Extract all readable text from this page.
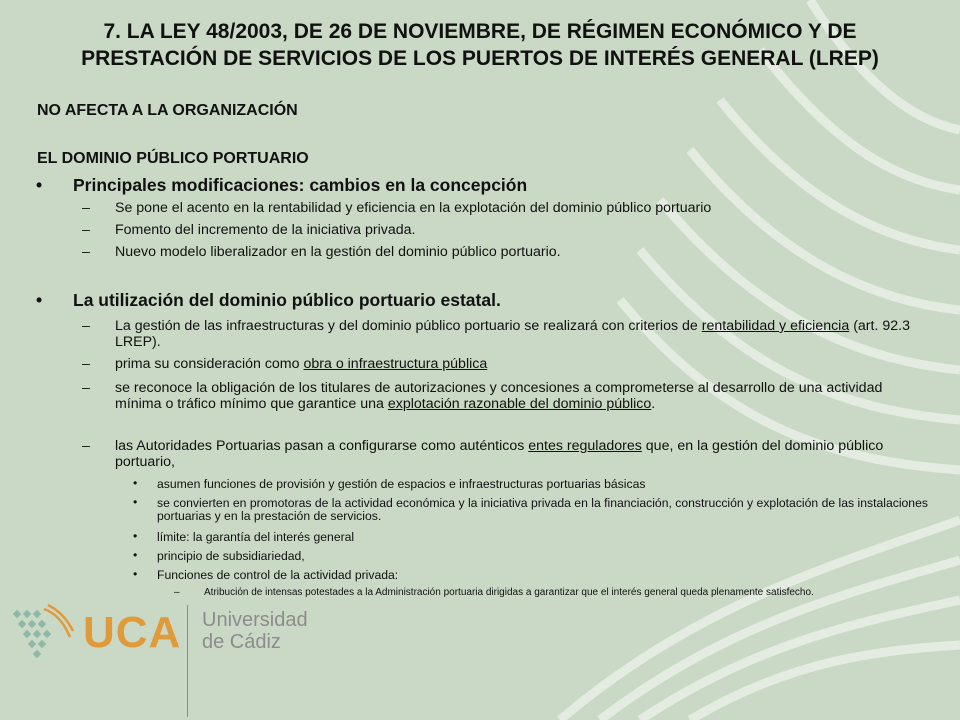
7. LA LEY 48/2003, DE 26 DE NOVIEMBRE, DE RÉGIMEN ECONÓMICO Y DE
PRESTACIÓN DE SERVICIOS DE LOS PUERTOS DE INTERÉS GENERAL (LREP)
NO AFECTA A LA ORGANIZACIÓN
EL DOMINIO PÚBLICO PORTUARIO
• Principales modificaciones: cambios en la concepción
– Se pone el acento en la rentabilidad y eficiencia en la explotación del dominio público portuario
– Fomento del incremento de la iniciativa privada.
– Nuevo modelo liberalizador en la gestión del dominio público portuario.
• La utilización del dominio público portuario estatal.
– La gestión de las infraestructuras y del dominio público portuario se realizará con criterios de rentabilidad y eficiencia (art. 92.3 LREP).
– prima su consideración como obra o infraestructura pública
– se reconoce la obligación de los titulares de autorizaciones y concesiones a comprometerse al desarrollo de una actividad mínima o tráfico mínimo que garantice una explotación razonable del dominio público.
– las Autoridades Portuarias pasan a configurarse como auténticos entes reguladores que, en la gestión del dominio público portuario,
• asumen funciones de provisión y gestión de espacios e infraestructuras portuarias básicas
• se convierten en promotoras de la actividad económica y la iniciativa privada en la financiación, construcción y explotación de las instalaciones portuarias y en la prestación de servicios.
• límite: la garantía del interés general
• principio de subsidiariedad,
• Funciones de control de la actividad privada:
– Atribución de intensas potestades a la Administración portuaria dirigidas a garantizar que el interés general queda plenamente satisfecho.
UCA Universidad
de Cádiz
